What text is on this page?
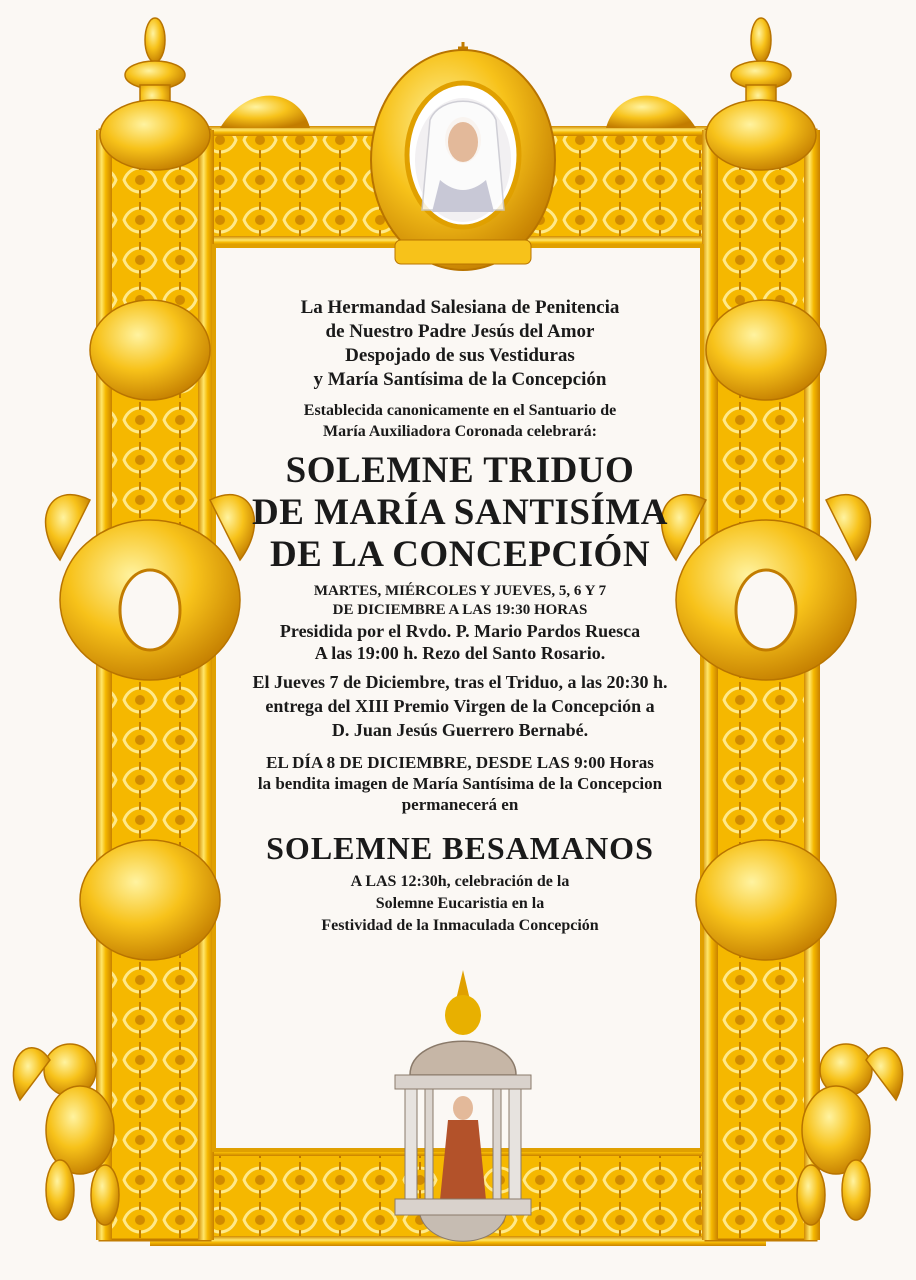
La Hermandad Salesiana de Penitencia
de Nuestro Padre Jesús del Amor
Despojado de sus Vestiduras
y María Santísima de la Concepción
Establecida canonicamente en el Santuario de
María Auxiliadora Coronada celebrará:
SOLEMNE TRIDUO
DE MARÍA SANTISÍMA
DE LA CONCEPCIÓN
MARTES, MIÉRCOLES Y JUEVES, 5, 6 Y 7
DE DICIEMBRE A LAS 19:30 HORAS
Presidida por el Rvdo. P. Mario Pardos Ruesca
A las 19:00 h. Rezo del Santo Rosario.
El Jueves 7 de Diciembre, tras el Triduo, a las 20:30 h.
entrega del XIII Premio Virgen de la Concepción a
D. Juan Jesús Guerrero Bernabé.
EL DÍA 8 DE DICIEMBRE, DESDE LAS 9:00 Horas
la bendita imagen de María Santísima de la Concepcion
permanecerá en
SOLEMNE BESAMANOS
A LAS 12:30h, celebración de la
Solemne Eucaristia en la
Festividad de la Inmaculada Concepción
